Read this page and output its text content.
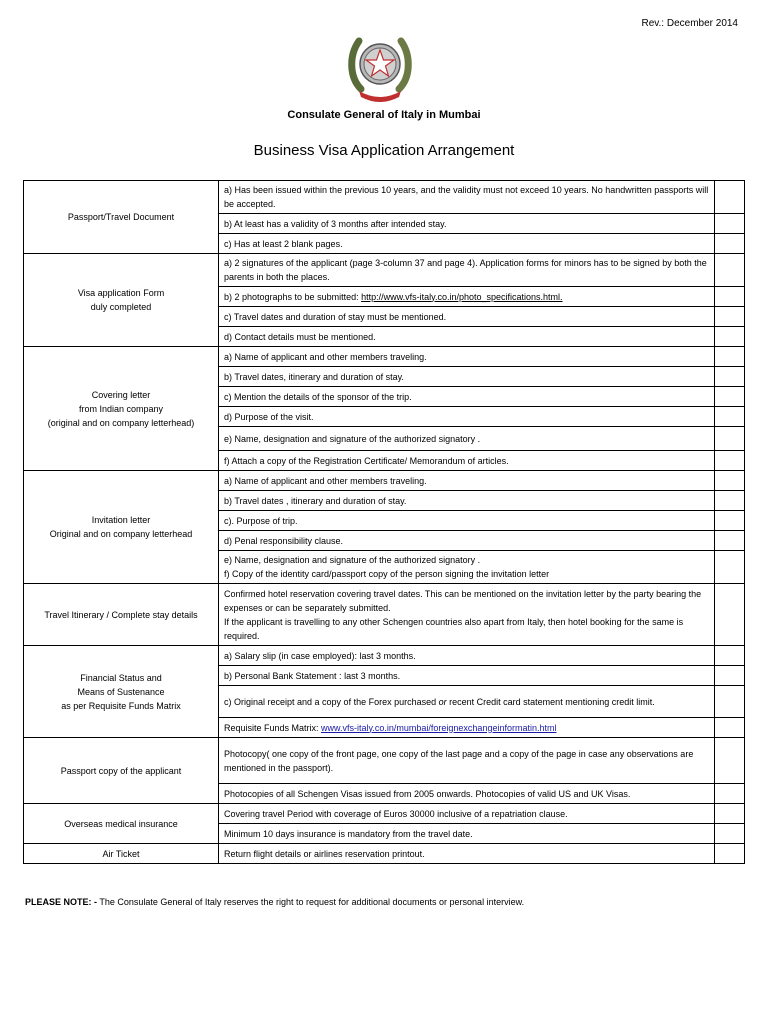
Rev.: December 2014
Consulate General of Italy in Mumbai
Business Visa Application Arrangement
Passport/Travel Document	a) Has been issued within the previous 10 years, and the validity must not exceed 10 years. No handwritten passports will be accepted.	
	b) At least has a validity of 3 months after intended stay.	
	c) Has at least 2 blank pages.	
Visa application Form
duly completed	a) 2 signatures of the applicant (page 3-column 37 and page 4). Application forms for minors has to be signed by both the parents in both the places.	
	b) 2 photographs to be submitted: http://www.vfs-italy.co.in/photo_specifications.html.	
	c) Travel dates and duration of stay must be mentioned.	
	d) Contact details must be mentioned.	
Covering letter
from Indian company
(original and on company letterhead)	a) Name of applicant and other members traveling.	
	b) Travel dates, itinerary and duration of stay.	
	c) Mention the details of the sponsor of the trip.	
	d) Purpose of the visit.	
	e) Name, designation and signature of the authorized signatory .	
	f) Attach a copy of the Registration Certificate/ Memorandum of articles.	
Invitation letter
Original and on company letterhead	a) Name of applicant and other members traveling.	
	b) Travel dates , itinerary and duration of stay.	
	c). Purpose of trip.	
	d) Penal responsibility clause.	
	e) Name, designation and signature of the authorized signatory .
f) Copy of the identity card/passport copy of the person signing the invitation letter	
Travel Itinerary / Complete stay details	Confirmed hotel reservation covering travel dates. This can be mentioned on the invitation letter by the party bearing the expenses or can be separately submitted.
If the applicant is travelling to any other Schengen countries also apart from Italy, then hotel booking for the same is required.	
Financial Status and
Means of Sustenance
as per Requisite Funds Matrix	a) Salary slip (in case employed): last 3 months.	
	b) Personal Bank Statement : last 3 months.	
	c) Original receipt and a copy of the Forex purchased or recent Credit card statement mentioning credit limit.	
	Requisite Funds Matrix: www.vfs-italy.co.in/mumbai/foreignexchangeinformatin.html	
Passport copy of the applicant	Photocopy( one copy of the front page, one copy of the last page and a copy of the page in case any observations are mentioned in the passport).	
	Photocopies of all Schengen Visas issued from 2005 onwards. Photocopies of valid US and UK Visas.	
Overseas medical insurance	Covering travel Period with coverage of Euros 30000 inclusive of a repatriation clause.	
	Minimum 10 days insurance is mandatory from the travel date.	
Air Ticket	Return flight details or airlines reservation printout.	
PLEASE NOTE: - The Consulate General of Italy reserves the right to request for additional documents or personal interview.
